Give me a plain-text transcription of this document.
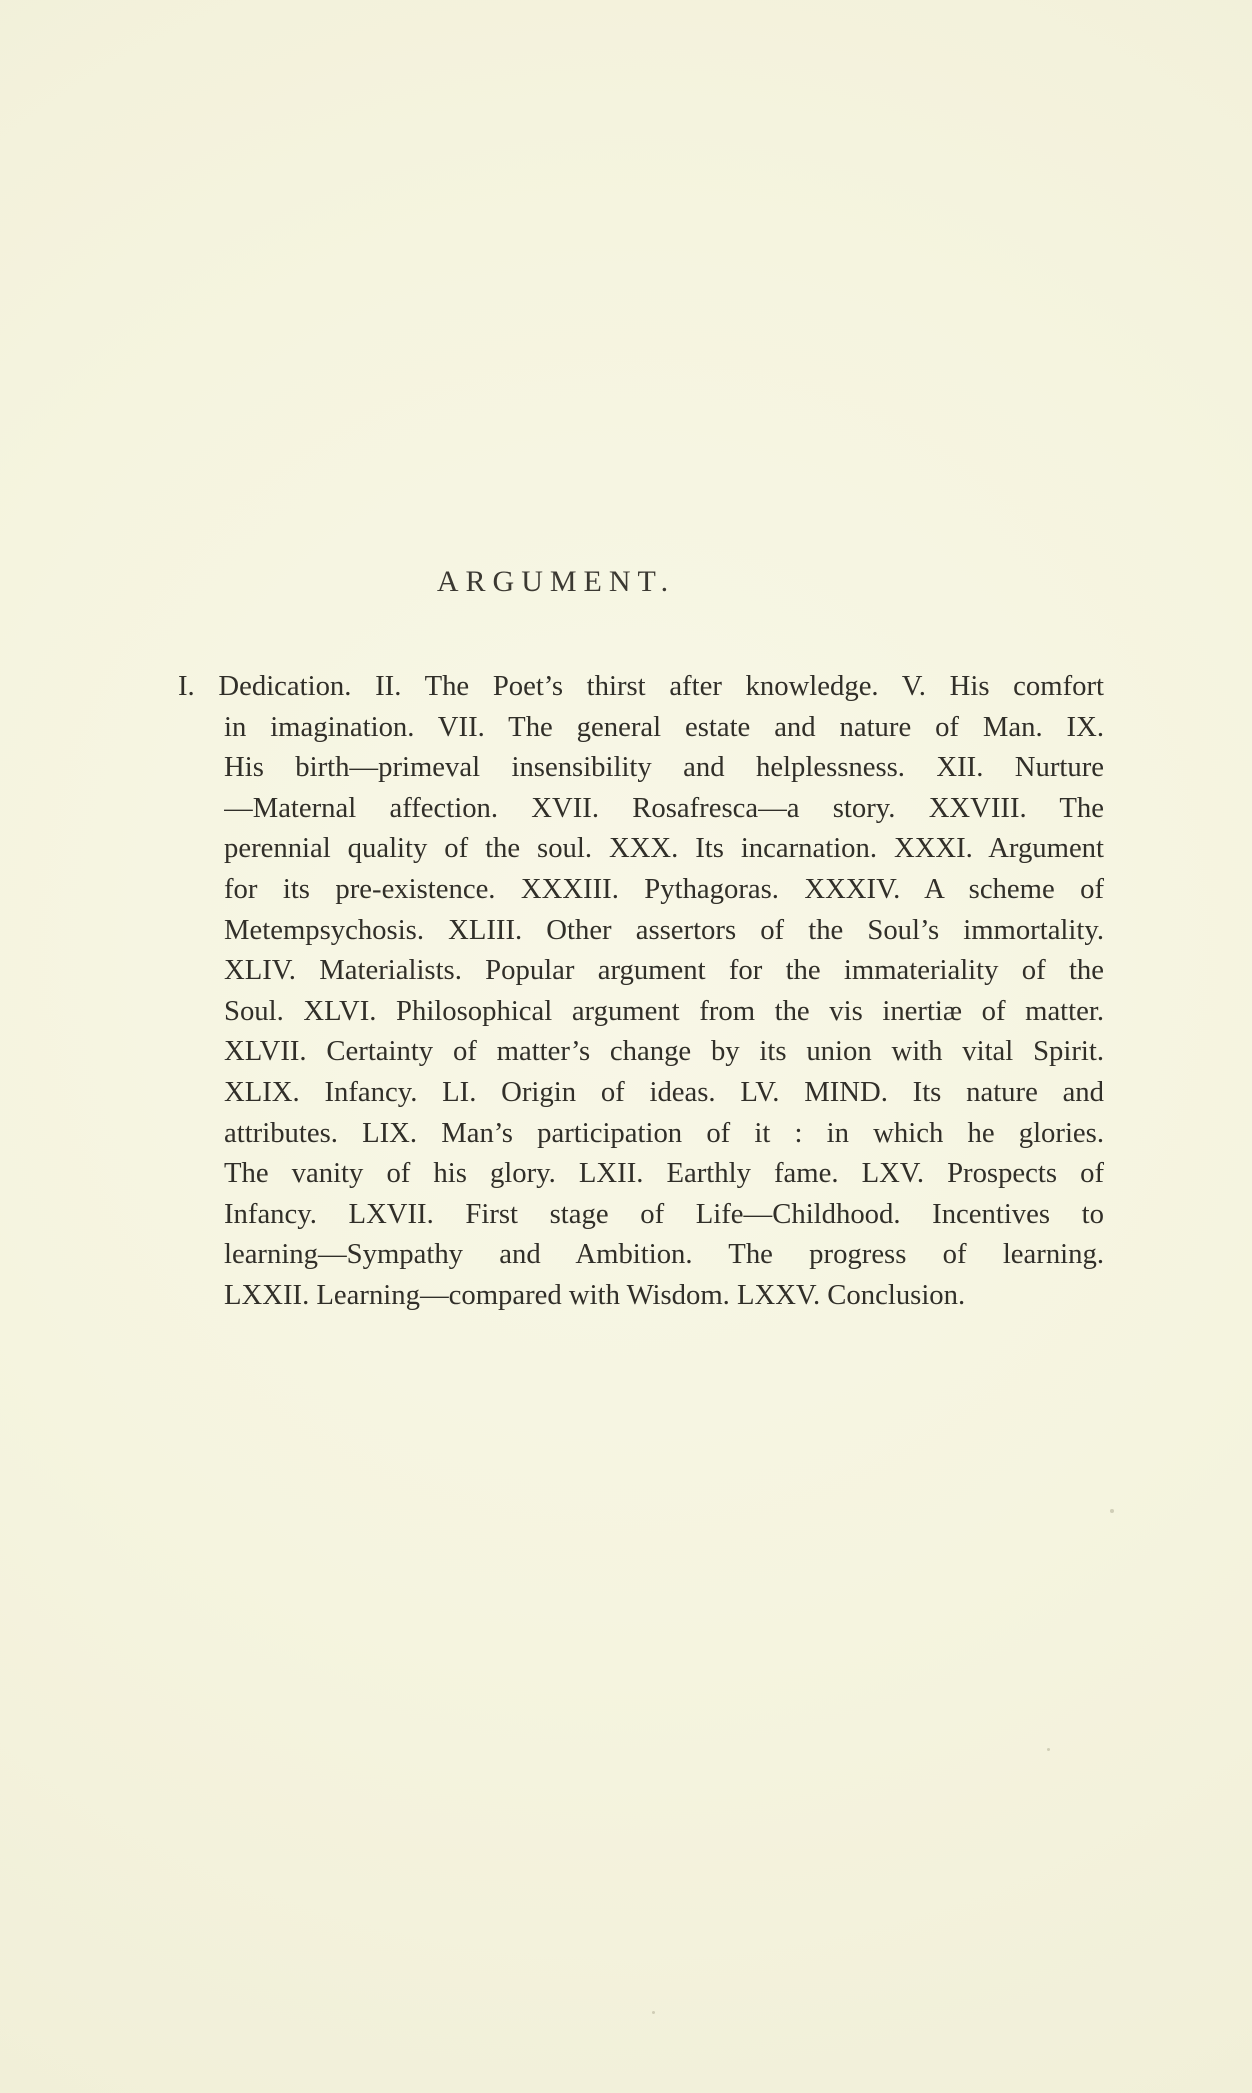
ARGUMENT.
I. Dedication. II. The Poet’s thirst after knowledge. V. His comfort
in imagination. VII. The general estate and nature of Man. IX.
His birth—primeval insensibility and helplessness. XII. Nurture
—Maternal affection. XVII. Rosafresca—a story. XXVIII. The
perennial quality of the soul. XXX. Its incarnation. XXXI. Argument
for its pre-existence. XXXIII. Pythagoras. XXXIV. A scheme of
Metempsychosis. XLIII. Other assertors of the Soul’s immortality.
XLIV. Materialists. Popular argument for the immateriality of the
Soul. XLVI. Philosophical argument from the vis inertiæ of matter.
XLVII. Certainty of matter’s change by its union with vital Spirit.
XLIX. Infancy. LI. Origin of ideas. LV. MIND. Its nature and
attributes. LIX. Man’s participation of it : in which he glories.
The vanity of his glory. LXII. Earthly fame. LXV. Prospects of
Infancy. LXVII. First stage of Life—Childhood. Incentives to
learning—Sympathy and Ambition. The progress of learning.
LXXII. Learning—compared with Wisdom. LXXV. Conclusion.
